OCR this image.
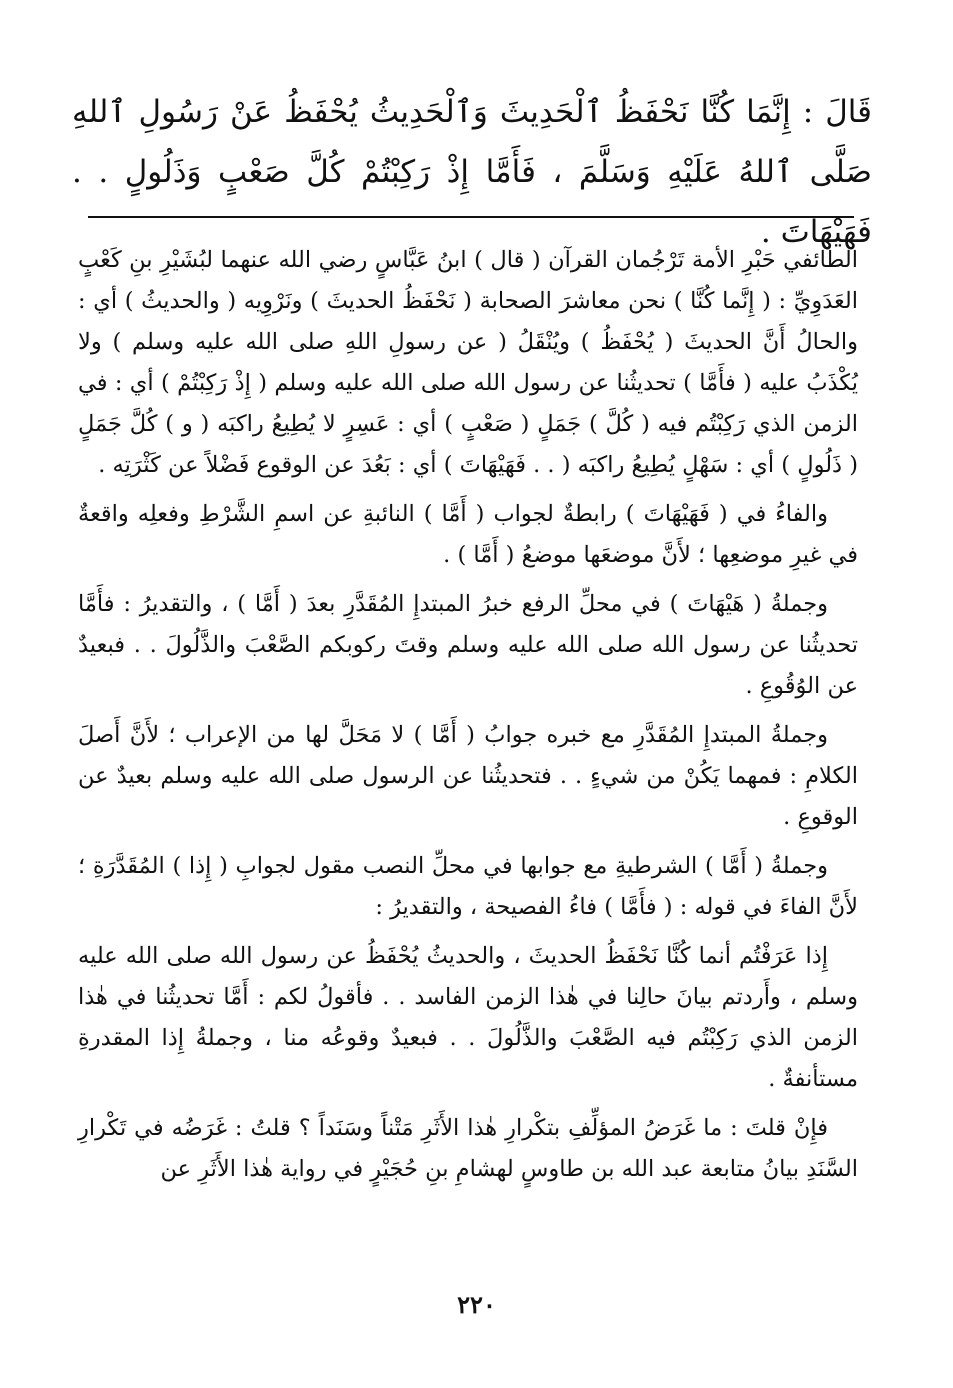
قَالَ : إِنَّمَا كُنَّا نَحْفَظُ ٱلْحَدِيثَ وَٱلْحَدِيثُ يُحْفَظُ عَنْ رَسُولِ ٱللهِ صَلَّى ٱللهُ عَلَيْهِ وَسَلَّمَ ، فَأَمَّا إِذْ رَكِبْتُمْ كُلَّ صَعْبٍ وَذَلُولٍ . . فَهَيْهَاتَ .

الطائفي حَبْرِ الأمة تَرْجُمان القرآن ( قال ) ابنُ عَبَّاسٍ رضي الله عنهما لبُشَيْرِ بنِ كَعْبٍ العَدَوِيِّ : ( إِنَّما كُنَّا ) نحن معاشرَ الصحابة ( نَحْفَظُ الحديثَ ) ونَرْوِيه ( والحديثُ ) أي : والحالُ أَنَّ الحديثَ ( يُحْفَظُ ) ويُنْقَلُ ( عن رسولِ اللهِ صلى الله عليه وسلم ) ولا يُكْذَبُ عليه ( فأَمَّا ) تحديثُنا عن رسول الله صلى الله عليه وسلم ( إِذْ رَكِبْتُمْ ) أي : في الزمن الذي رَكِبْتُم فيه ( كُلَّ ) جَمَلٍ ( صَعْبٍ ) أي : عَسِرٍ لا يُطِيعُ راكبَه ( و ) كُلَّ جَمَلٍ ( ذَلُولٍ ) أي : سَهْلٍ يُطِيعُ راكبَه ( . . فَهَيْهَاتَ ) أي : بَعُدَ عن الوقوع فَضْلاً عن كَثْرَتِه .

والفاءُ في ( فَهَيْهَاتَ ) رابطةٌ لجواب ( أَمَّا ) النائبةِ عن اسمِ الشَّرْطِ وفعلِه واقعةٌ في غيرِ موضعِها ؛ لأَنَّ موضعَها موضعُ ( أَمَّا ) .

وجملةُ ( هَيْهَاتَ ) في محلِّ الرفع خبرُ المبتدإِ المُقَدَّرِ بعدَ ( أَمَّا ) ، والتقديرُ : فأَمَّا تحديثُنا عن رسول الله صلى الله عليه وسلم وقتَ ركوبكم الصَّعْبَ والذَّلُولَ . . فبعيدٌ عن الوُقُوعِ .

وجملةُ المبتدإِ المُقَدَّرِ مع خبره جوابُ ( أَمَّا ) لا مَحَلَّ لها من الإعراب ؛ لأَنَّ أَصلَ الكلامِ : فمهما يَكُنْ من شيءٍ . . فتحديثُنا عن الرسول صلى الله عليه وسلم بعيدٌ عن الوقوعِ .

وجملةُ ( أَمَّا ) الشرطيةِ مع جوابها في محلِّ النصب مقول لجوابِ ( إِذا ) المُقَدَّرَةِ ؛ لأَنَّ الفاءَ في قوله : ( فأَمَّا ) فاءُ الفصيحة ، والتقديرُ :

إِذا عَرَفْتُم أنما كُنَّا نَحْفَظُ الحديثَ ، والحديثُ يُحْفَظُ عن رسول الله صلى الله عليه وسلم ، وأَردتم بيانَ حالِنا في هٰذا الزمن الفاسد . . فأقولُ لكم : أَمَّا تحديثُنا في هٰذا الزمن الذي رَكِبْتُم فيه الصَّعْبَ والذَّلُولَ . . فبعيدٌ وقوعُه منا ، وجملةُ إِذا المقدرةِ مستأنفةٌ .

فإِنْ قلتَ : ما غَرَضُ المؤلِّفِ بتكْرارِ هٰذا الأَثَرِ مَتْناً وسَنَداً ؟ قلتُ : غَرَضُه في تَكْرارِ السَّنَدِ بيانُ متابعة عبد الله بن طاوسٍ لهشامِ بنِ حُجَيْرٍ في رواية هٰذا الأَثَرِ عن

٢٢٠
